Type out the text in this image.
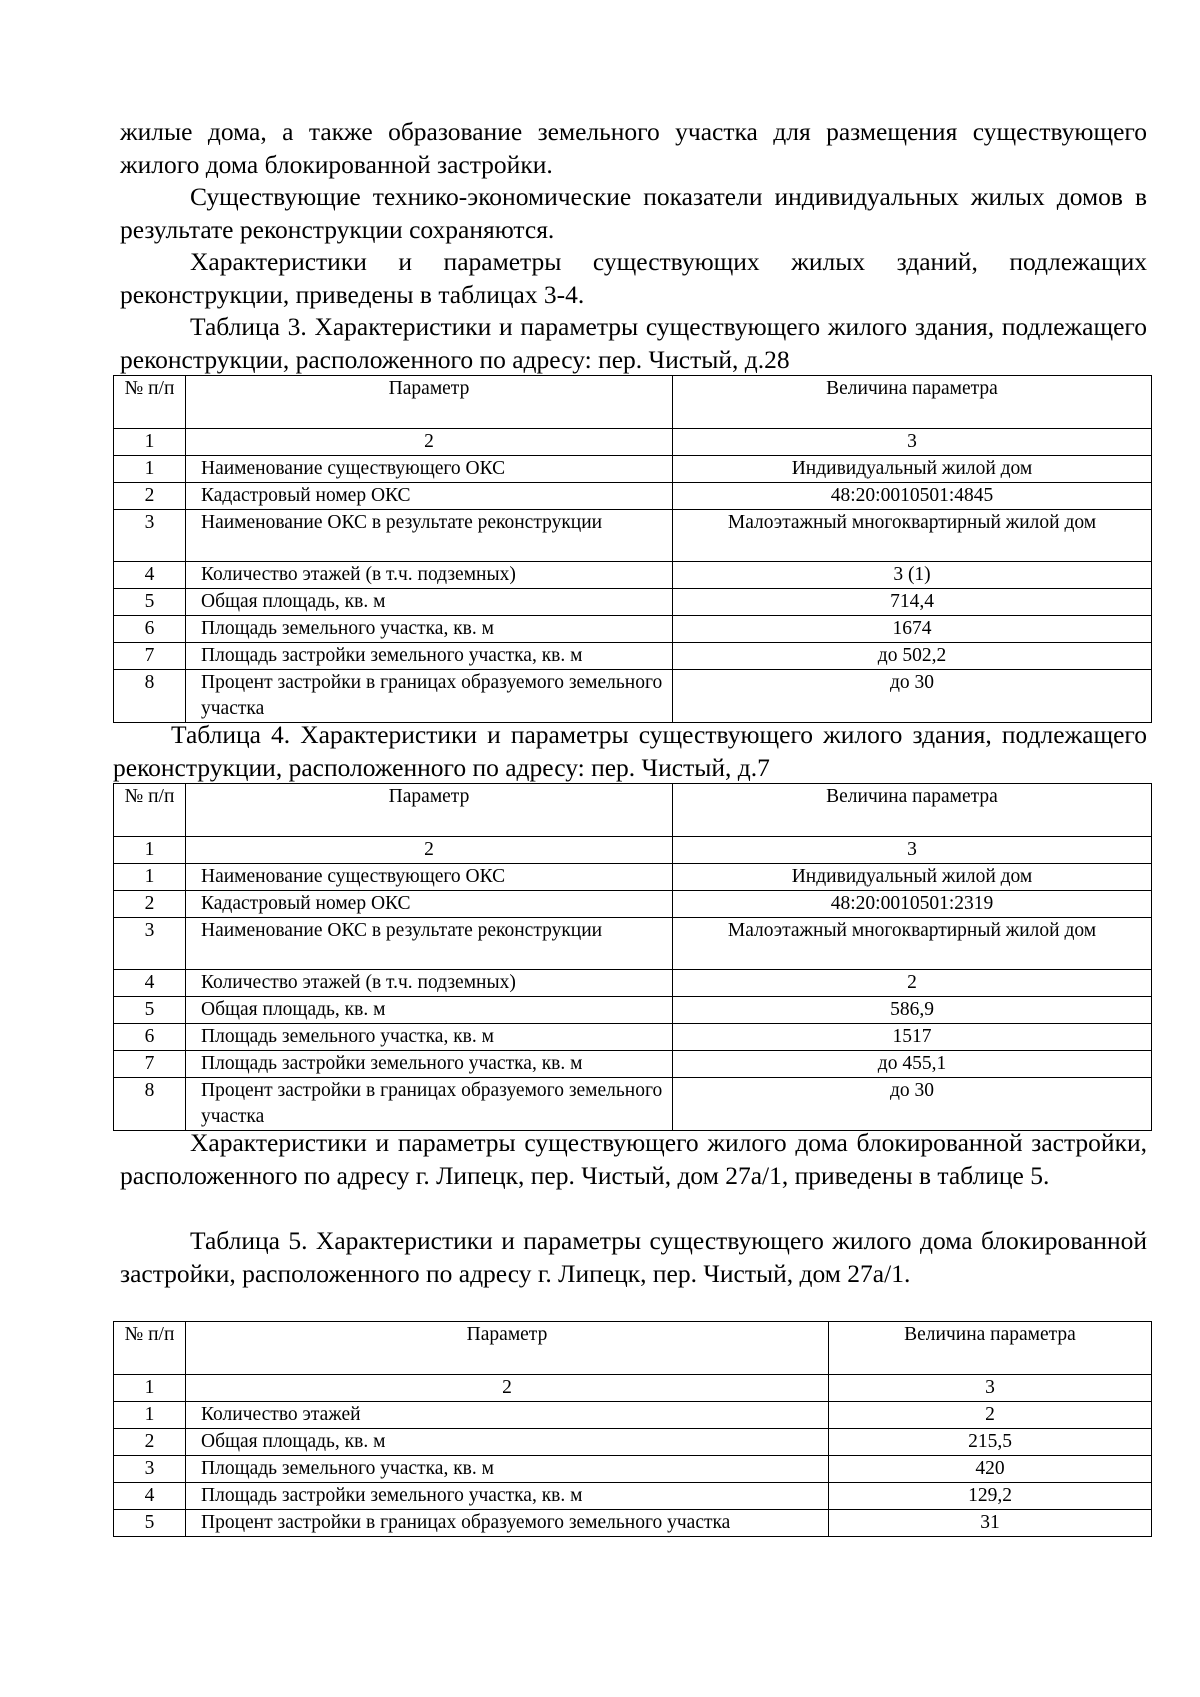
жилые дома, а также образование земельного участка для размещения существующего жилого дома блокированной застройки.

Существующие технико-экономические показатели индивидуальных жилых домов в результате реконструкции сохраняются.

Характеристики и параметры существующих жилых зданий, подлежащих реконструкции, приведены в таблицах 3-4.

Таблица 3. Характеристики и параметры существующего жилого здания, подлежащего реконструкции, расположенного по адресу: пер. Чистый, д.28

№ п/п	Параметр	Величина параметра
1	2	3
1	Наименование существующего ОКС	Индивидуальный жилой дом
2	Кадастровый номер ОКС	48:20:0010501:4845
3	Наименование ОКС в результате реконструкции	Малоэтажный многоквартирный жилой дом
4	Количество этажей (в т.ч. подземных)	3 (1)
5	Общая площадь, кв. м	714,4
6	Площадь земельного участка, кв. м	1674
7	Площадь застройки земельного участка, кв. м	до 502,2
8	Процент застройки в границах образуемого земельного участка	до 30

Таблица 4. Характеристики и параметры существующего жилого здания, подлежащего реконструкции, расположенного по адресу: пер. Чистый, д.7

№ п/п	Параметр	Величина параметра
1	2	3
1	Наименование существующего ОКС	Индивидуальный жилой дом
2	Кадастровый номер ОКС	48:20:0010501:2319
3	Наименование ОКС в результате реконструкции	Малоэтажный многоквартирный жилой дом
4	Количество этажей (в т.ч. подземных)	2
5	Общая площадь, кв. м	586,9
6	Площадь земельного участка, кв. м	1517
7	Площадь застройки земельного участка, кв. м	до 455,1
8	Процент застройки в границах образуемого земельного участка	до 30

Характеристики и параметры существующего жилого дома блокированной застройки, расположенного по адресу г. Липецк, пер. Чистый, дом 27а/1, приведены в таблице 5.

Таблица 5. Характеристики и параметры существующего жилого дома блокированной застройки, расположенного по адресу г. Липецк, пер. Чистый, дом 27а/1.

№ п/п	Параметр	Величина параметра
1	2	3
1	Количество этажей	2
2	Общая площадь, кв. м	215,5
3	Площадь земельного участка, кв. м	420
4	Площадь застройки земельного участка, кв. м	129,2
5	Процент застройки в границах образуемого земельного участка	31
